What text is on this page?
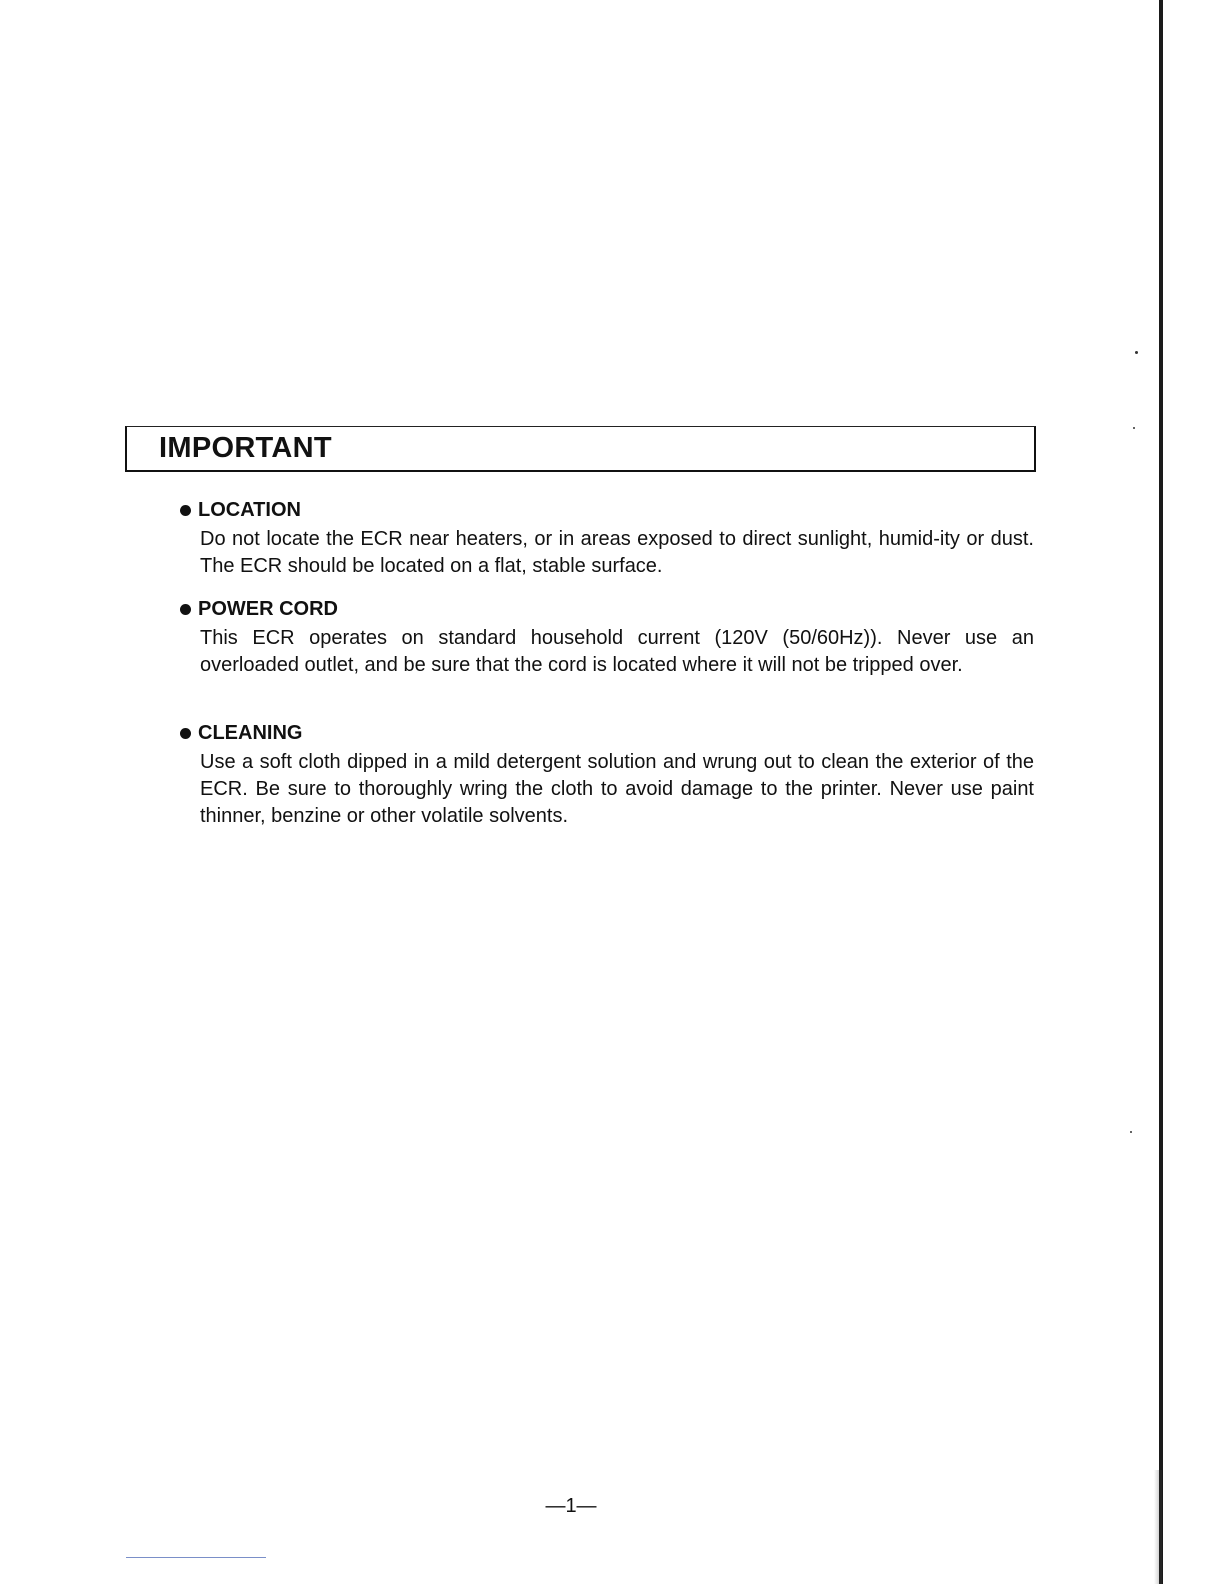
IMPORTANT
LOCATION
Do not locate the ECR near heaters, or in areas exposed to direct sunlight, humid-ity or dust. The ECR should be located on a flat, stable surface.
POWER CORD
This ECR operates on standard household current (120V (50/60Hz)). Never use an overloaded outlet, and be sure that the cord is located where it will not be tripped over.
CLEANING
Use a soft cloth dipped in a mild detergent solution and wrung out to clean the exterior of the ECR. Be sure to thoroughly wring the cloth to avoid damage to the printer. Never use paint thinner, benzine or other volatile solvents.
—1—
